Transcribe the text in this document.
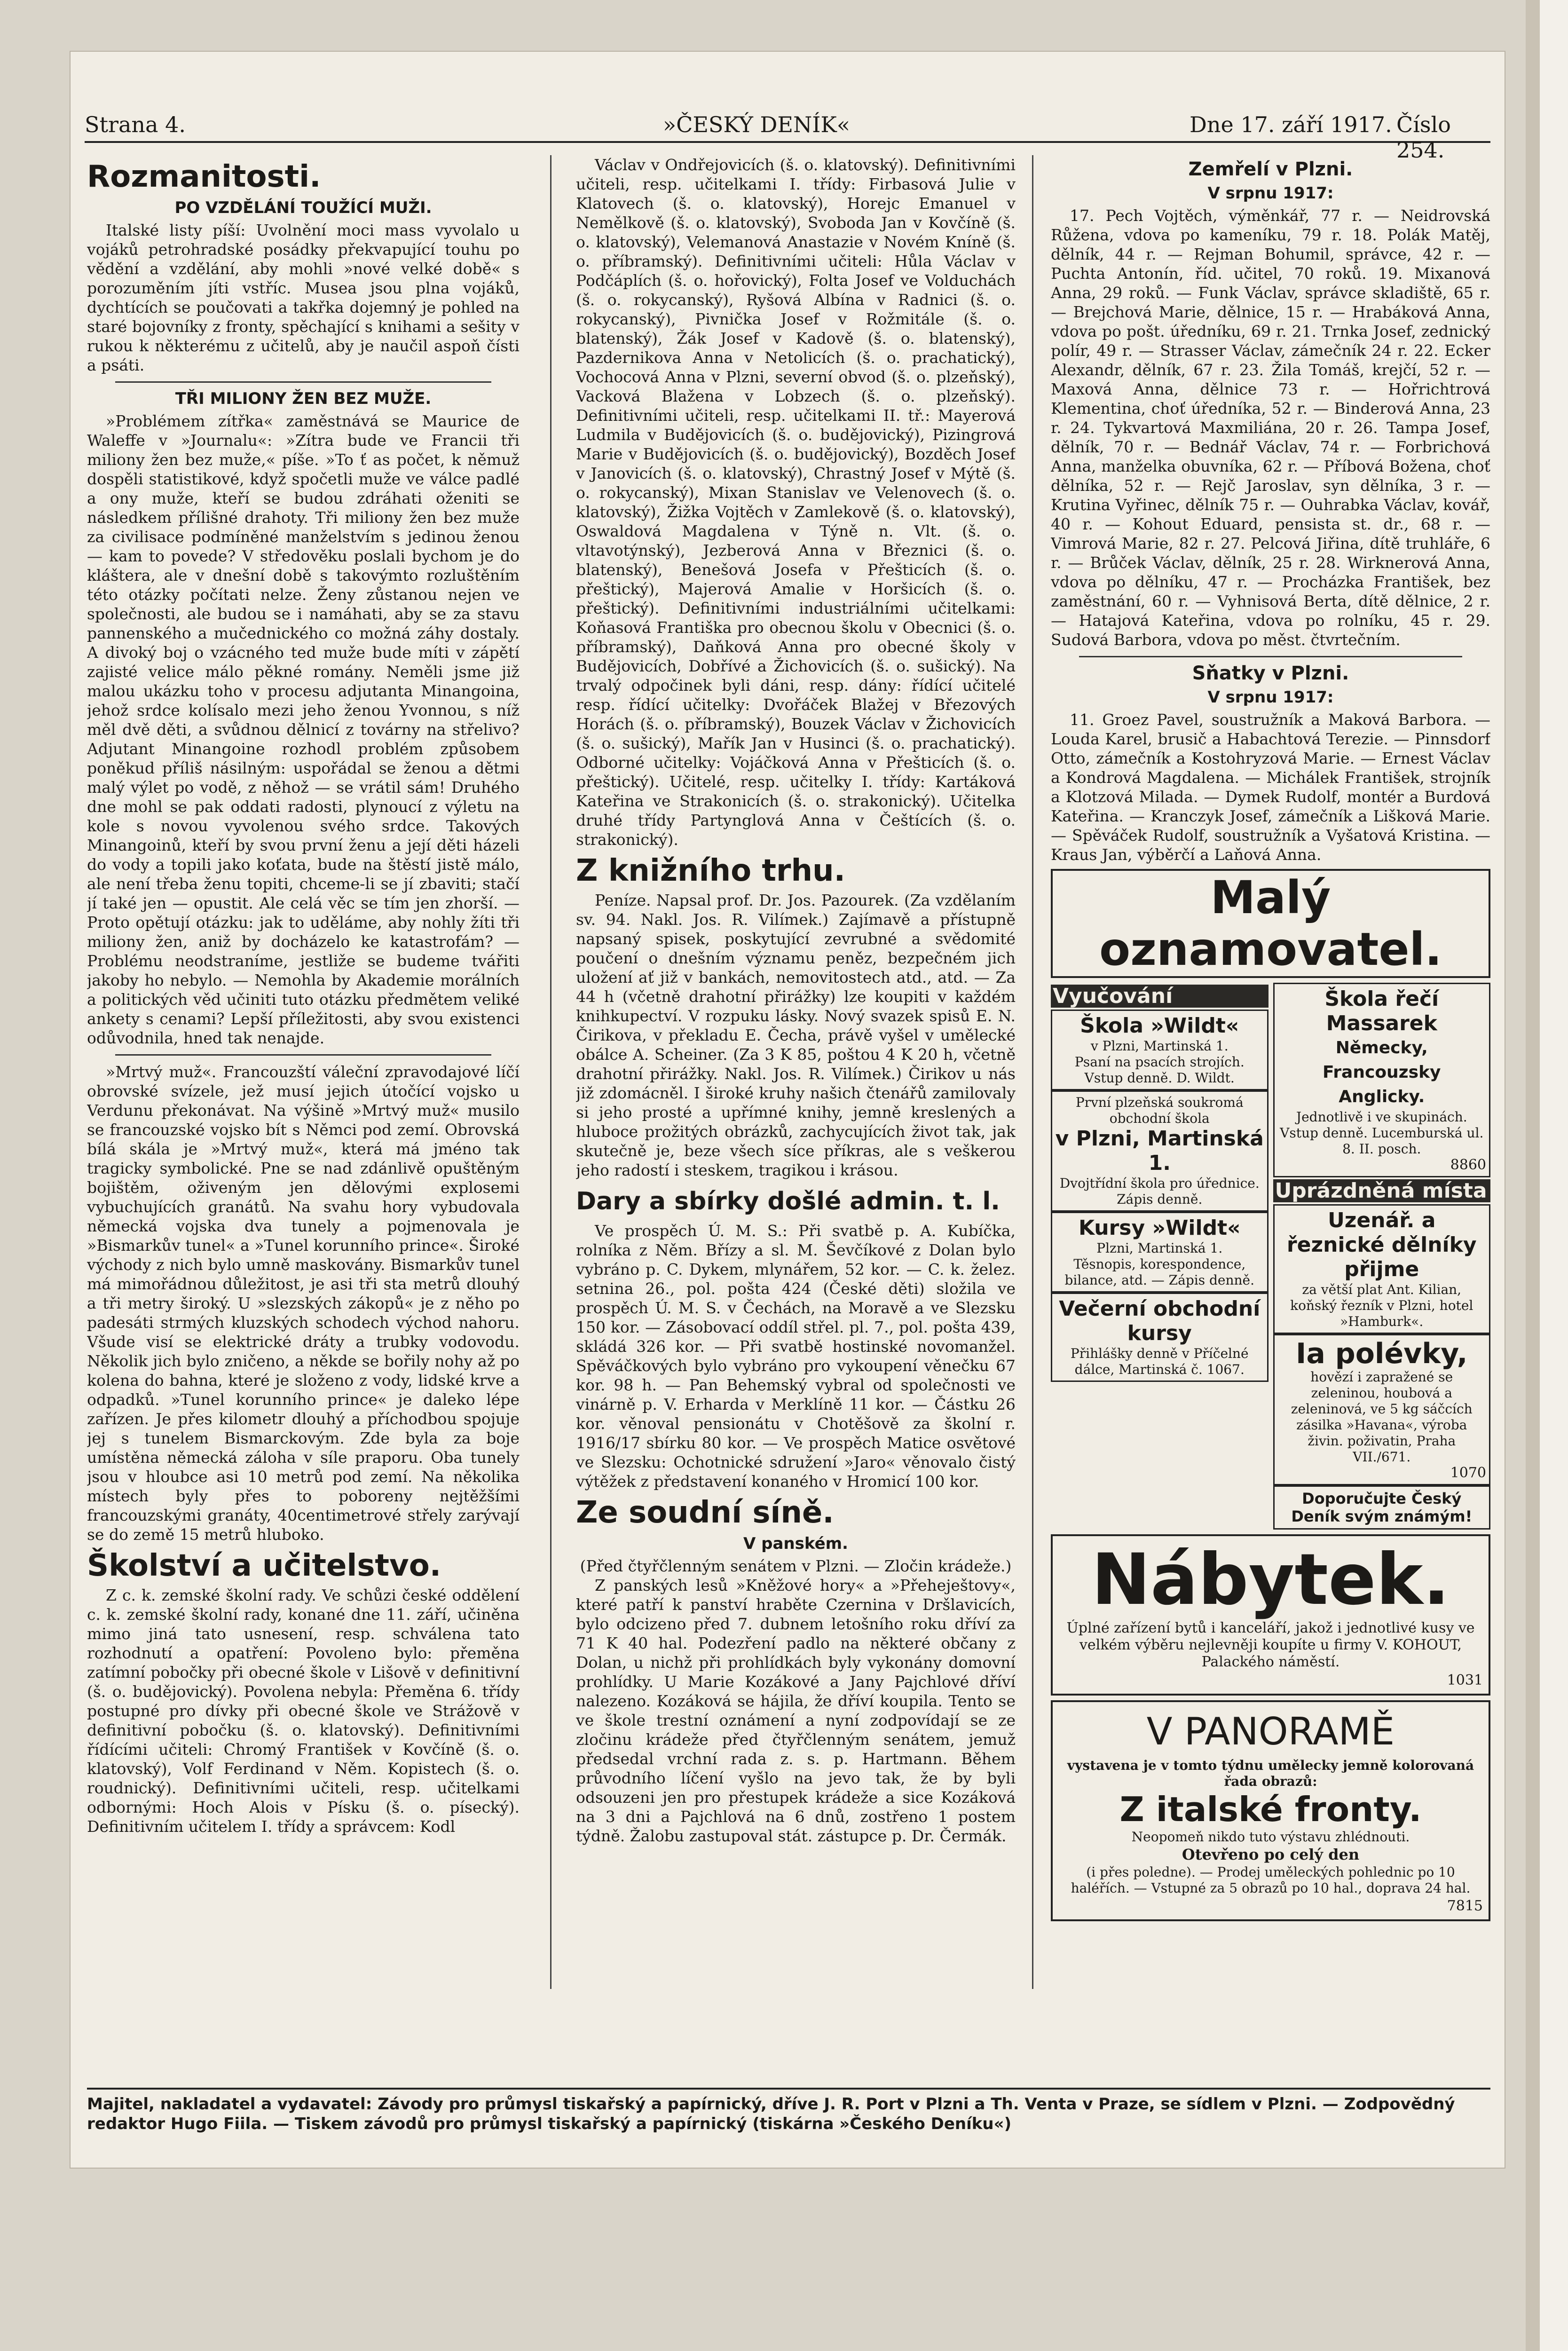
Strana 4.	»ČESKÝ DENÍK«	Dne 17. září 1917. Číslo 254.
Rozmanitosti.

PO VZDĚLÁNÍ TOUŽÍCÍ MUŽI.

Italské listy píší: Uvolnění moci mass vyvolalo u vojáků petrohradské posádky překvapující touhu po vědění a vzdělání, aby mohli »nové velké době« s porozuměním jíti vstříc. Musea jsou plna vojáků, dychtících se poučovati a takřka dojemný je pohled na staré bojovníky z fronty, spěchající s knihami a sešity v rukou k některému z učitelů, aby je naučil aspoň čísti a psáti.

TŘI MILIONY ŽEN BEZ MUŽE.

»Problémem zítřka« zaměstnává se Maurice de Waleffe v »Journalu«: »Zítra bude ve Francii tři miliony žen bez muže,« píše. »To ť as počet, k němuž dospěli statistikové, když spočetli muže ve válce padlé a ony muže, kteří se budou zdráhati oženiti se následkem přílišné drahoty. Tři miliony žen bez muže za civilisace podmíněné manželstvím s jedinou ženou — kam to povede? V středověku poslali bychom je do kláštera, ale v dnešní době s takovýmto rozluštěním této otázky počítati nelze. Ženy zůstanou nejen ve společnosti, ale budou se i namáhati, aby se za stavu pannenského a mučednického co možná záhy dostaly. A divoký boj o vzácného ted muže bude míti v zápětí zajisté velice málo pěkné romány. Neměli jsme již malou ukázku toho v procesu adjutanta Minangoina, jehož srdce kolísalo mezi jeho ženou Yvonnou, s níž měl dvě děti, a svůdnou dělnicí z továrny na střelivo? Adjutant Minangoine rozhodl problém způsobem poněkud příliš násilným: uspořádal se ženou a dětmi malý výlet po vodě, z něhož — se vrátil sám! Druhého dne mohl se pak oddati radosti, plynoucí z výletu na kole s novou vyvolenou svého srdce. Takových Minangoinů, kteří by svou první ženu a její děti házeli do vody a topili jako koťata, bude na štěstí jistě málo, ale není třeba ženu topiti, chceme-li se jí zbaviti; stačí jí také jen — opustit. Ale celá věc se tím jen zhorší. — Proto opětují otázku: jak to uděláme, aby nohly žíti tři miliony žen, aniž by docházelo ke katastrofám? — Problému neodstraníme, jestliže se budeme tvářiti jakoby ho nebylo. — Nemohla by Akademie morálních a politických věd učiniti tuto otázku předmětem veliké ankety s cenami? Lepší příležitosti, aby svou existenci odůvodnila, hned tak nenajde.

»Mrtvý muž«. Francouzští váleční zpravodajové líčí obrovské svízele, jež musí jejich útočící vojsko u Verdunu překonávat. Na výšině »Mrtvý muž« musilo se francouzské vojsko bít s Němci pod zemí. Obrovská bílá skála je »Mrtvý muž«, která má jméno tak tragicky symbolické. Pne se nad zdánlivě opuštěným bojištěm, oživeným jen dělovými explosemi vybuchujících granátů. Na svahu hory vybudovala německá vojska dva tunely a pojmenovala je »Bismarkův tunel« a »Tunel korunního prince«. Široké východy z nich bylo umně maskovány. Bismarkův tunel má mimořádnou důležitost, je asi tři sta metrů dlouhý a tři metry široký. U »slezských zákopů« je z něho po padesáti strmých kluzských schodech východ nahoru. Všude visí se elektrické dráty a trubky vodovodu. Několik jich bylo zničeno, a někde se bořily nohy až po kolena do bahna, které je složeno z vody, lidské krve a odpadků. »Tunel korunního prince« je daleko lépe zařízen. Je přes kilometr dlouhý a příchodbou spojuje jej s tunelem Bismarckovým. Zde byla za boje umístěna německá záloha v síle praporu. Oba tunely jsou v hloubce asi 10 metrů pod zemí. Na několika místech byly přes to poboreny nejtěžšími francouzskými granáty, 40centimetrové střely zarývají se do země 15 metrů hluboko.

Školství a učitelstvo.

Z c. k. zemské školní rady. Ve schůzi české oddělení c. k. zemské školní rady, konané dne 11. září, učiněna mimo jiná tato usnesení, resp. schválena tato rozhodnutí a opatření: Povoleno bylo: přeměna zatímní pobočky při obecné škole v Lišově v definitivní (š. o. budějovický). Povolena nebyla: Přeměna 6. třídy postupné pro dívky při obecné škole ve Strážově v definitivní pobočku (š. o. klatovský). Definitivními řídícími učiteli: Chromý František v Kovčíně (š. o. klatovský), Volf Ferdinand v Něm. Kopistech (š. o. roudnický). Definitivními učiteli, resp. učitelkami odbornými: Hoch Alois v Písku (š. o. písecký). Definitivním učitelem I. třídy a správcem: Kodl

Václav v Ondřejovicích (š. o. klatovský). Definitivními učiteli, resp. učitelkami I. třídy: Firbasová Julie v Klatovech (š. o. klatovský), Horejc Emanuel v Nemělkově (š. o. klatovský), Svoboda Jan v Kovčíně (š. o. klatovský), Velemanová Anastazie v Novém Kníně (š. o. příbramský). Definitivními učiteli: Hůla Václav v Podčáplích (š. o. hořovický), Folta Josef ve Volduchách (š. o. rokycanský), Ryšová Albína v Radnici (š. o. rokycanský), Pivnička Josef v Rožmitále (š. o. blatenský), Žák Josef v Kadově (š. o. blatenský), Pazdernikova Anna v Netolicích (š. o. prachatický), Vochocová Anna v Plzni, severní obvod (š. o. plzeňský), Vacková Blažena v Lobzech (š. o. plzeňský). Definitivními učiteli, resp. učitelkami II. tř.: Mayerová Ludmila v Budějovicích (š. o. budějovický), Pizingrová Marie v Budějovicích (š. o. budějovický), Bozděch Josef v Janovicích (š. o. klatovský), Chrastný Josef v Mýtě (š. o. rokycanský), Mixan Stanislav ve Velenovech (š. o. klatovský), Žižka Vojtěch v Zamlekově (š. o. klatovský), Oswaldová Magdalena v Týně n. Vlt. (š. o. vltavotýnský), Jezberová Anna v Březnici (š. o. blatenský), Benešová Josefa v Přešticích (š. o. přeštický), Majerová Amalie v Horšicích (š. o. přeštický). Definitivními industriálními učitelkami: Koňasová Františka pro obecnou školu v Obecnici (š. o. příbramský), Daňková Anna pro obecné školy v Budějovicích, Dobřívé a Žichovicích (š. o. sušický). Na trvalý odpočinek byli dáni, resp. dány: řídící učitelé resp. řídící učitelky: Dvořáček Blažej v Březových Horách (š. o. příbramský), Bouzek Václav v Žichovicích (š. o. sušický), Mařík Jan v Husinci (š. o. prachatický). Odborné učitelky: Vojáčková Anna v Přešticích (š. o. přeštický). Učitelé, resp. učitelky I. třídy: Kartáková Kateřina ve Strakonicích (š. o. strakonický). Učitelka druhé třídy Partynglová Anna v Češtících (š. o. strakonický).

Z knižního trhu.

Peníze. Napsal prof. Dr. Jos. Pazourek. (Za vzdělaním sv. 94. Nakl. Jos. R. Vilímek.) Zajímavě a přístupně napsaný spisek, poskytující zevrubné a svědomité poučení o dnešním významu peněz, bezpečném jich uložení ať již v bankách, nemovitostech atd., atd. — Za 44 h (včetně drahotní přirážky) lze koupiti v každém knihkupectví. V rozpuku lásky. Nový svazek spisů E. N. Čirikova, v překladu E. Čecha, právě vyšel v umělecké obálce A. Scheiner. (Za 3 K 85, poštou 4 K 20 h, včetně drahotní přirážky. Nakl. Jos. R. Vilímek.) Čirikov u nás již zdomácněl. I široké kruhy našich čtenářů zamilovaly si jeho prosté a upřímné knihy, jemně kreslených a hluboce prožitých obrázků, zachycujících život tak, jak skutečně je, beze všech síce příkras, ale s veškerou jeho radostí i steskem, tragikou i krásou.

Dary a sbírky došlé admin. t. l.

Ve prospěch Ú. M. S.: Při svatbě p. A. Kubíčka, rolníka z Něm. Břízy a sl. M. Ševčíkové z Dolan bylo vybráno p. C. Dykem, mlynářem, 52 kor. — C. k. želez. setnina 26., pol. pošta 424 (České děti) složila ve prospěch Ú. M. S. v Čechách, na Moravě a ve Slezsku 150 kor. — Zásobovací oddíl střel. pl. 7., pol. pošta 439, skládá 326 kor. — Při svatbě hostinské novomanžel. Spěváčkových bylo vybráno pro vykoupení věnečku 67 kor. 98 h. — Pan Behemský vybral od společnosti ve vinárně p. V. Erharda v Merklíně 11 kor. — Částku 26 kor. věnoval pensionátu v Chotěšově za školní r. 1916/17 sbírku 80 kor. — Ve prospěch Matice osvětové ve Slezsku: Ochotnické sdružení »Jaro« věnovalo čistý výtěžek z představení konaného v Hromicí 100 kor.

Ze soudní síně.

V panském.

(Před čtyřčlenným senátem v Plzni. — Zločin krádeže.)

Z panských lesů »Kněžové hory« a »Přeheještovy«, které patří k panství hraběte Czernina v Dršlavicích, bylo odcizeno před 7. dubnem letošního roku dříví za 71 K 40 hal. Podezření padlo na některé občany z Dolan, u nichž při prohlídkách byly vykonány domovní prohlídky. U Marie Kozákové a Jany Pajchlové dříví nalezeno. Kozáková se hájila, že dříví koupila. Tento se ve škole trestní oznámení a nyní zodpovídají se ze zločinu krádeže před čtyřčlenným senátem, jemuž předsedal vrchní rada z. s. p. Hartmann. Během průvodního líčení vyšlo na jevo tak, že by byli odsouzeni jen pro přestupek krádeže a sice Kozáková na 3 dni a Pajchlová na 6 dnů, zostřeno 1 postem týdně. Žalobu zastupoval stát. zástupce p. Dr. Čermák.

Zemřelí v Plzni.

V srpnu 1917:

17. Pech Vojtěch, výměnkář, 77 r. — Neidrovská Růžena, vdova po kameníku, 79 r. 18. Polák Matěj, dělník, 44 r. — Rejman Bohumil, správce, 42 r. — Puchta Antonín, říd. učitel, 70 roků. 19. Mixanová Anna, 29 roků. — Funk Václav, správce skladiště, 65 r. — Brejchová Marie, dělnice, 15 r. — Hrabáková Anna, vdova po pošt. úředníku, 69 r. 21. Trnka Josef, zednický polír, 49 r. — Strasser Václav, zámečník 24 r. 22. Ecker Alexandr, dělník, 67 r. 23. Žila Tomáš, krejčí, 52 r. — Maxová Anna, dělnice 73 r. — Hořrichtrová Klementina, choť úředníka, 52 r. — Binderová Anna, 23 r. 24. Tykvartová Maxmiliána, 20 r. 26. Tampa Josef, dělník, 70 r. — Bednář Václav, 74 r. — Forbrichová Anna, manželka obuvníka, 62 r. — Příbová Božena, choť dělníka, 52 r. — Rejč Jaroslav, syn dělníka, 3 r. — Krutina Vyřinec, dělník 75 r. — Ouhrabka Václav, kovář, 40 r. — Kohout Eduard, pensista st. dr., 68 r. — Vimrová Marie, 82 r. 27. Pelcová Jiřina, dítě truhláře, 6 r. — Brůček Václav, dělník, 25 r. 28. Wirknerová Anna, vdova po dělníku, 47 r. — Procházka František, bez zaměstnání, 60 r. — Vyhnisová Berta, dítě dělnice, 2 r. — Hatajová Kateřina, vdova po rolníku, 45 r. 29. Sudová Barbora, vdova po měst. čtvrtečním.

Sňatky v Plzni.

V srpnu 1917:

11. Groez Pavel, soustružník a Maková Barbora. — Louda Karel, brusič a Habachtová Terezie. — Pinnsdorf Otto, zámečník a Kostohryzová Marie. — Ernest Václav a Kondrová Magdalena. — Michálek František, strojník a Klotzová Milada. — Dymek Rudolf, montér a Burdová Kateřina. — Kranczyk Josef, zámečník a Lišková Marie. — Spěváček Rudolf, soustružník a Vyšatová Kristina. — Kraus Jan, výběrčí a Laňová Anna.

Malý oznamovatel.
Vyučování
Škola »Wildt«
v Plzni, Martinská 1.
Psaní na psacích strojích. Vstup denně. D. Wildt.
První plzeňská soukromá obchodní škola
v Plzni, Martinská 1.
Dvojtřídní škola pro úřednice. Zápis denně.
Kursy »Wildt«
Plzni, Martinská 1.
Těsnopis, korespondence, bilance, atd. — Zápis denně.
Večerní obchodní kursy
Přihlášky denně v Příčelné dálce, Martinská č. 1067.
Škola řečí Massarek
Německy, Francouzsky Anglicky.
Jednotlivě i ve skupinách. Vstup denně. Lucemburská ul. 8. II. posch.
8860
Uprázdněná místa
Uzenář. a řeznické dělníky přijme
za větší plat Ant. Kilian, koňský řezník v Plzni, hotel »Hamburk«.
Ia polévky,
hovězí i zapražené se zeleninou, houbová a zeleninová, ve 5 kg sáčcích zásilka »Havana«, výroba živin. poživatin, Praha VII./671.
1070
Doporučujte Český Deník svým známým!
Nábytek.
Úplné zařízení bytů i kanceláří, jakož i jednotlivé kusy ve velkém výběru nejlevněji koupíte u firmy V. KOHOUT, Palackého náměstí.
1031
V PANORAMĚ
vystavena je v tomto týdnu umělecky jemně kolorovaná řada obrazů:
Z italské fronty.
Neopomeň nikdo tuto výstavu zhlédnouti.
Otevřeno po celý den
(i přes poledne). — Prodej uměleckých pohlednic po 10 haléřích. — Vstupné za 5 obrazů po 10 hal., doprava 24 hal.
7815
Majitel, nakladatel a vydavatel: Závody pro průmysl tiskařský a papírnický, dříve J. R. Port v Plzni a Th. Venta v Praze, se sídlem v Plzni. — Zodpovědný redaktor Hugo Fiila. — Tiskem závodů pro průmysl tiskařský a papírnický (tiskárna »Českého Deníku«)
